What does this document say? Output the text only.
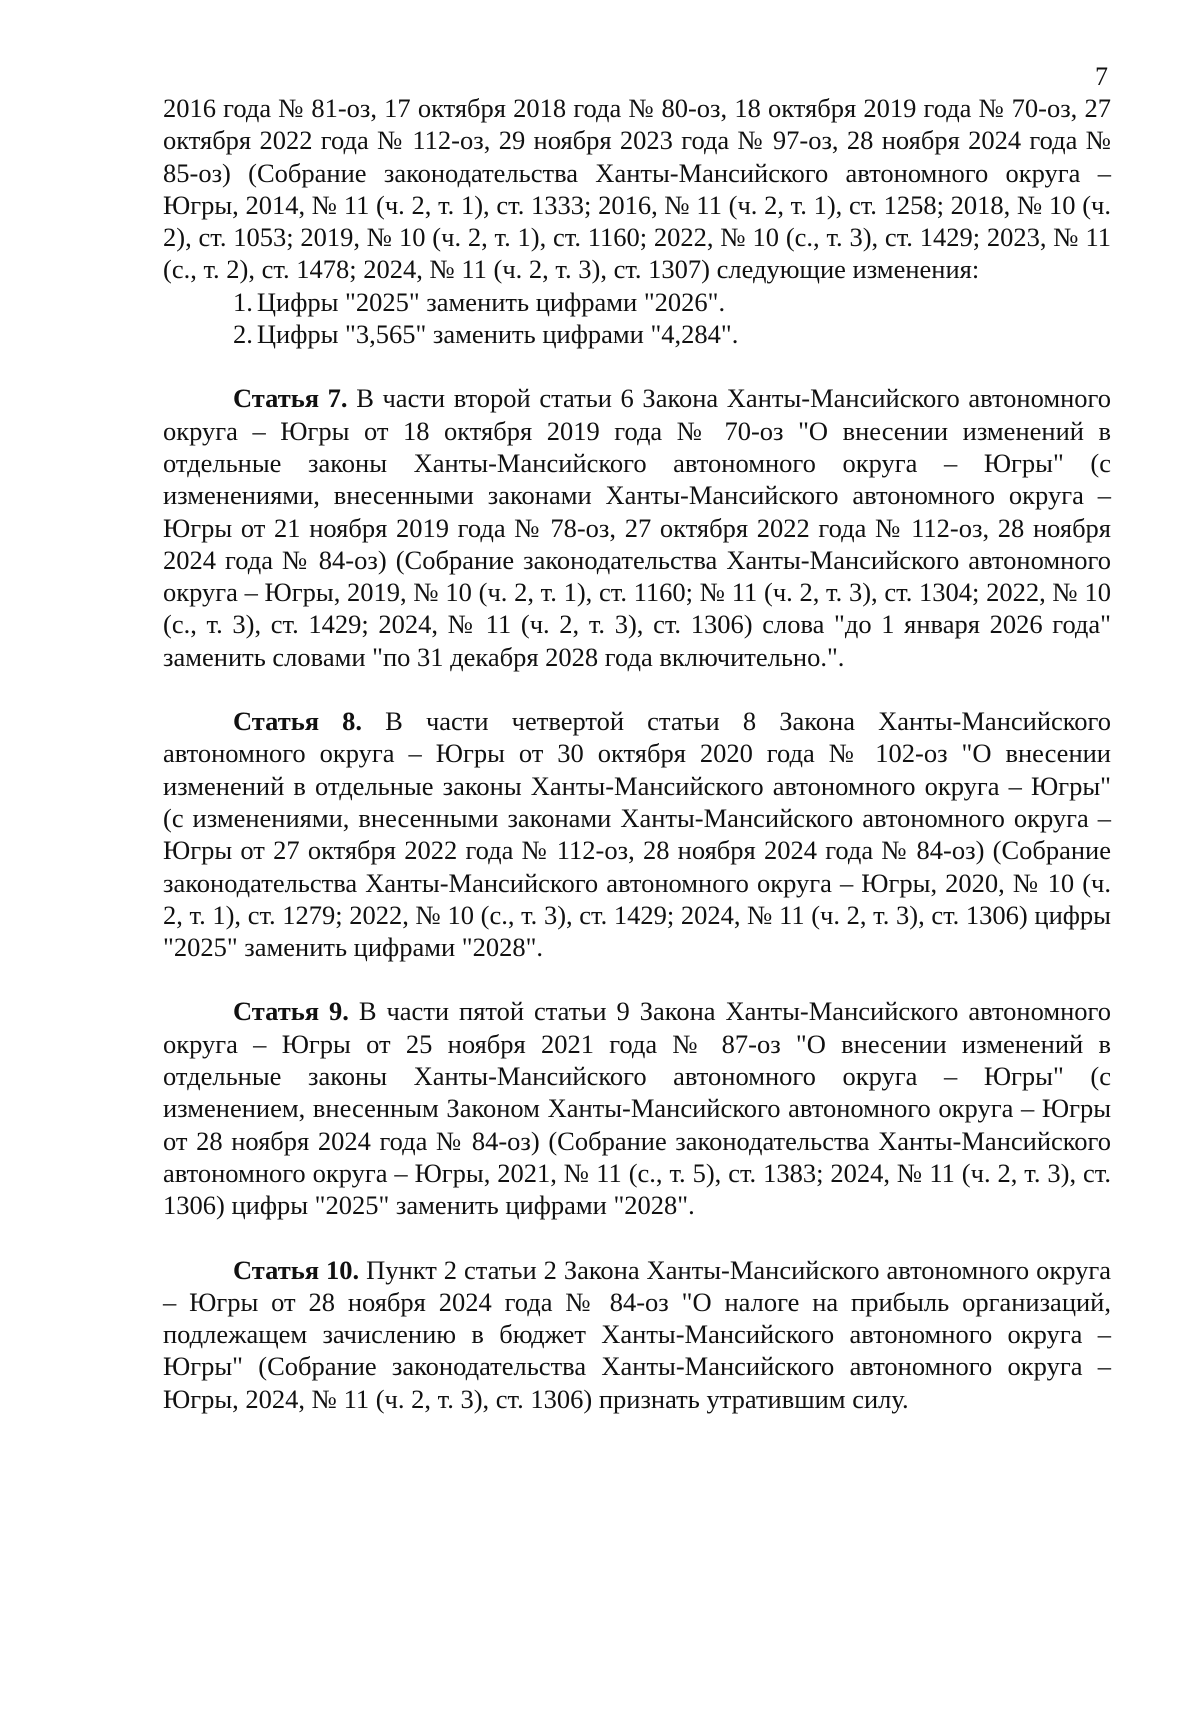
7

2016 года № 81-оз, 17 октября 2018 года № 80-оз, 18 октября 2019 года № 70-оз, 27 октября 2022 года № 112-оз, 29 ноября 2023 года № 97-оз, 28 ноября 2024 года № 85-оз) (Собрание законодательства Ханты-Мансийского автономного округа – Югры, 2014, № 11 (ч. 2, т. 1), ст. 1333; 2016, № 11 (ч. 2, т. 1), ст. 1258; 2018, № 10 (ч. 2), ст. 1053; 2019, № 10 (ч. 2, т. 1), ст. 1160; 2022, № 10 (с., т. 3), ст. 1429; 2023, № 11 (с., т. 2), ст. 1478; 2024, № 11 (ч. 2, т. 3), ст. 1307) следующие изменения:

1. Цифры "2025" заменить цифрами "2026".

2. Цифры "3,565" заменить цифрами "4,284".

Статья 7. В части второй статьи 6 Закона Ханты-Мансийского автономного округа – Югры от 18 октября 2019 года № 70-оз "О внесении изменений в отдельные законы Ханты-Мансийского автономного округа – Югры" (с изменениями, внесенными законами Ханты-Мансийского автономного округа – Югры от 21 ноября 2019 года № 78-оз, 27 октября 2022 года № 112-оз, 28 ноября 2024 года № 84-оз) (Собрание законодательства Ханты-Мансийского автономного округа – Югры, 2019, № 10 (ч. 2, т. 1), ст. 1160; № 11 (ч. 2, т. 3), ст. 1304; 2022, № 10 (с., т. 3), ст. 1429; 2024, № 11 (ч. 2, т. 3), ст. 1306) слова "до 1 января 2026 года" заменить словами "по 31 декабря 2028 года включительно.".

Статья 8. В части четвертой статьи 8 Закона Ханты-Мансийского автономного округа – Югры от 30 октября 2020 года № 102-оз "О внесении изменений в отдельные законы Ханты-Мансийского автономного округа – Югры" (с изменениями, внесенными законами Ханты-Мансийского автономного округа – Югры от 27 октября 2022 года № 112-оз, 28 ноября 2024 года № 84-оз) (Собрание законодательства Ханты-Мансийского автономного округа – Югры, 2020, № 10 (ч. 2, т. 1), ст. 1279; 2022, № 10 (с., т. 3), ст. 1429; 2024, № 11 (ч. 2, т. 3), ст. 1306) цифры "2025" заменить цифрами "2028".

Статья 9. В части пятой статьи 9 Закона Ханты-Мансийского автономного округа – Югры от 25 ноября 2021 года № 87-оз "О внесении изменений в отдельные законы Ханты-Мансийского автономного округа – Югры" (с изменением, внесенным Законом Ханты-Мансийского автономного округа – Югры от 28 ноября 2024 года № 84-оз) (Собрание законодательства Ханты-Мансийского автономного округа – Югры, 2021, № 11 (с., т. 5), ст. 1383; 2024, № 11 (ч. 2, т. 3), ст. 1306) цифры "2025" заменить цифрами "2028".

Статья 10. Пункт 2 статьи 2 Закона Ханты-Мансийского автономного округа – Югры от 28 ноября 2024 года № 84-оз "О налоге на прибыль организаций, подлежащем зачислению в бюджет Ханты-Мансийского автономного округа – Югры" (Собрание законодательства Ханты-Мансийского автономного округа – Югры, 2024, № 11 (ч. 2, т. 3), ст. 1306) признать утратившим силу.
